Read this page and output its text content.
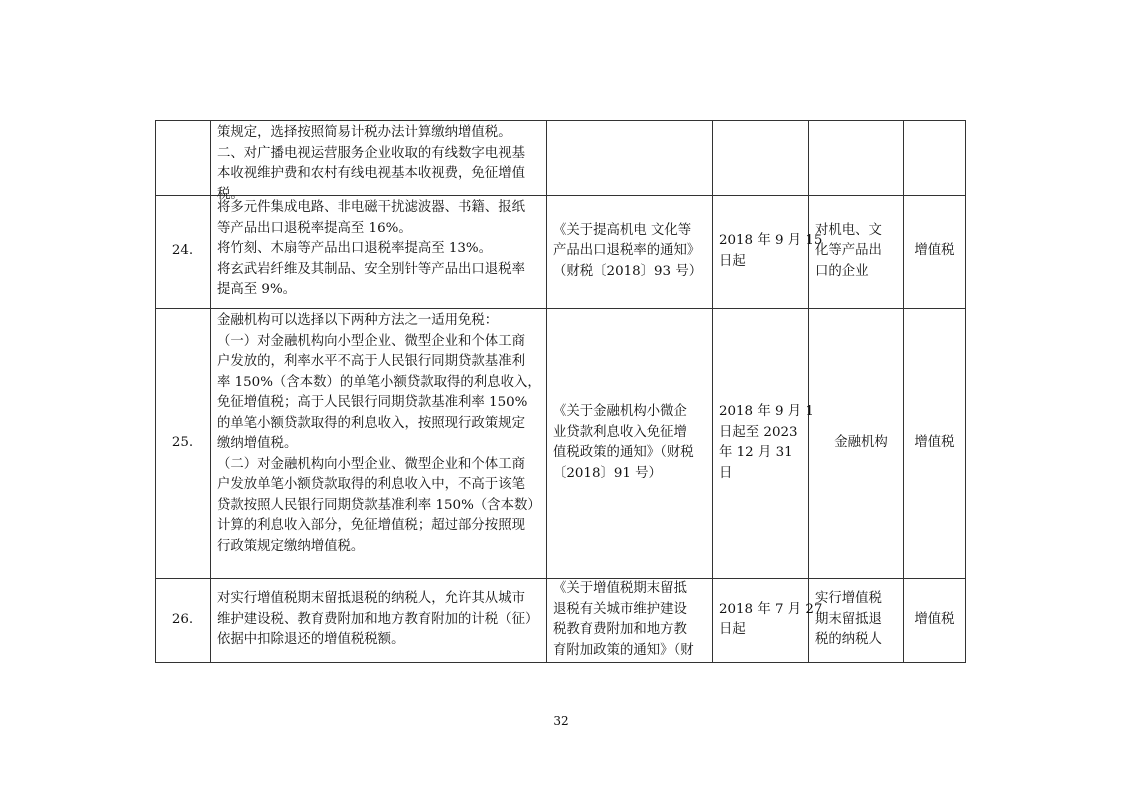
策规定，选择按照简易计税办法计算缴纳增值税。
二、对广播电视运营服务企业收取的有线数字电视基
本收视维护费和农村有线电视基本收视费，免征增值
税。
24.
将多元件集成电路、非电磁干扰滤波器、书籍、报纸
等产品出口退税率提高至 16%。
将竹刻、木扇等产品出口退税率提高至 13%。
将玄武岩纤维及其制品、安全别针等产品出口退税率
提高至 9%。
《关于提高机电 文化等
产品出口退税率的通知》
（财税〔2018〕93 号）
2018 年 9 月 15
日起
对机电、文
化等产品出
口的企业
增值税
25.
金融机构可以选择以下两种方法之一适用免税：
（一）对金融机构向小型企业、微型企业和个体工商
户发放的，利率水平不高于人民银行同期贷款基准利
率 150%（含本数）的单笔小额贷款取得的利息收入，
免征增值税；高于人民银行同期贷款基准利率 150%
的单笔小额贷款取得的利息收入，按照现行政策规定
缴纳增值税。
（二）对金融机构向小型企业、微型企业和个体工商
户发放单笔小额贷款取得的利息收入中，不高于该笔
贷款按照人民银行同期贷款基准利率 150%（含本数）
计算的利息收入部分，免征增值税；超过部分按照现
行政策规定缴纳增值税。
《关于金融机构小微企
业贷款利息收入免征增
值税政策的通知》（财税
〔2018〕91 号）
2018 年 9 月 1
日起至 2023
年 12 月 31
日
金融机构 增值税
26.
对实行增值税期末留抵退税的纳税人，允许其从城市
维护建设税、教育费附加和地方教育附加的计税（征）
依据中扣除退还的增值税税额。
《关于增值税期末留抵
退税有关城市维护建设
税教育费附加和地方教
育附加政策的通知》（财
2018 年 7 月 27
日起
实行增值税
期末留抵退
税的纳税人
增值税
32
